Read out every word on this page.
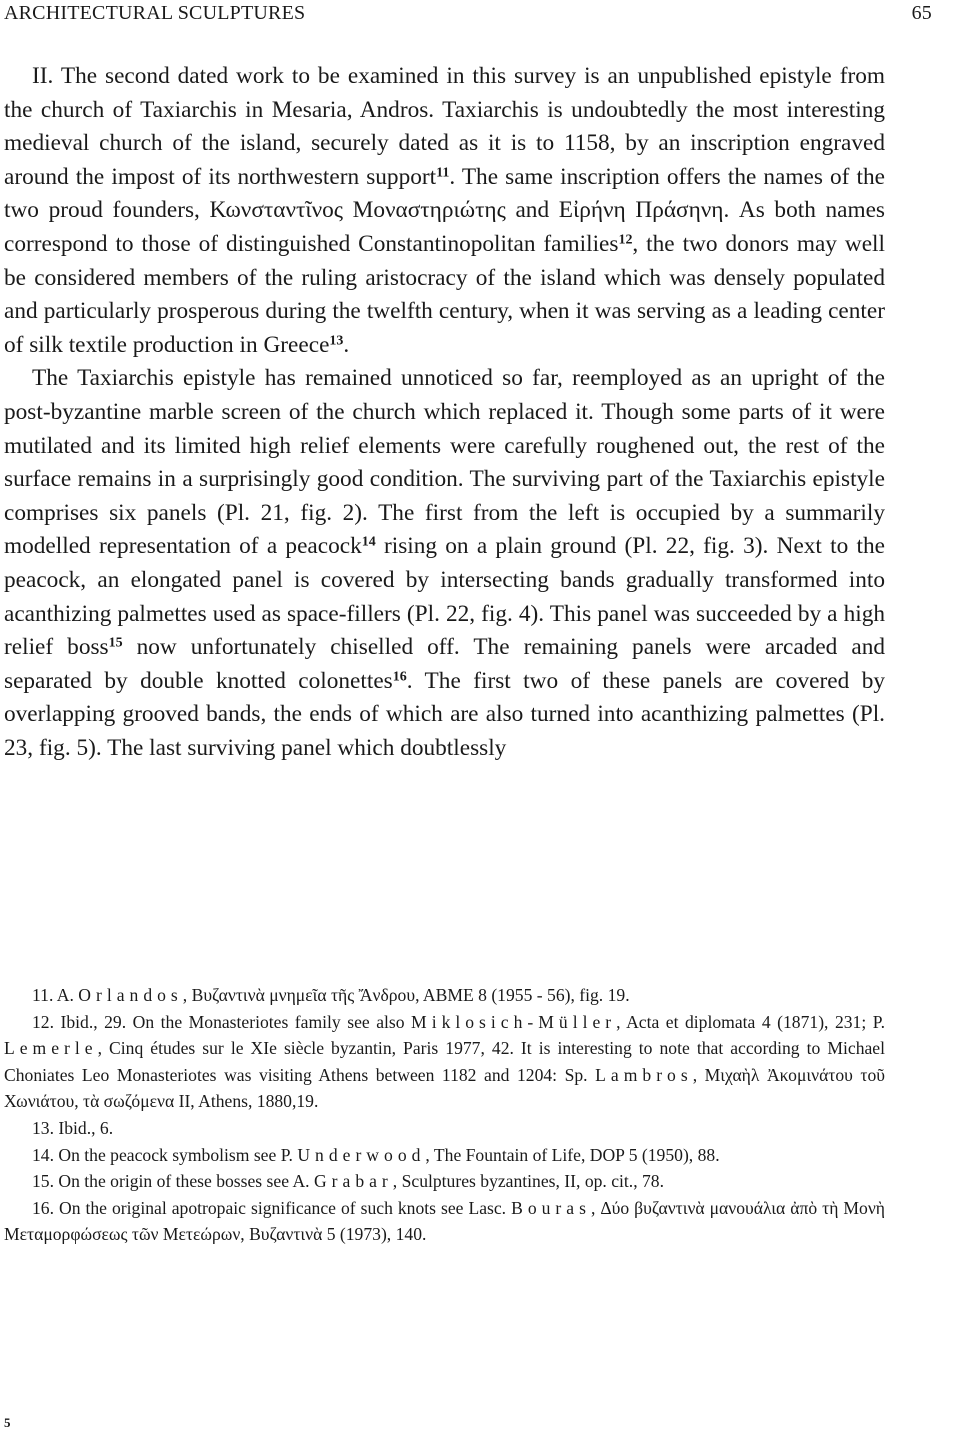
ARCHITECTURAL SCULPTURES	65

II. The second dated work to be examined in this survey is an unpublished epistyle from the church of Taxiarchis in Mesaria, Andros. Taxiarchis is undoubtedly the most interesting medieval church of the island, securely dated as it is to 1158, by an inscription engraved around the impost of its northwestern support$^{11}$. The same inscription offers the names of the two proud founders, Κωνσταντῖνος Μοναστηριώτης and Εἰρήνη Πράσηνη. As both names correspond to those of distinguished Constantinopolitan families$^{12}$, the two donors may well be considered members of the ruling aristocracy of the island which was densely populated and particularly prosperous during the twelfth century, when it was serving as a leading center of silk textile production in Greece$^{13}$.

The Taxiarchis epistyle has remained unnoticed so far, reemployed as an upright of the post-byzantine marble screen of the church which replaced it. Though some parts of it were mutilated and its limited high relief elements were carefully roughened out, the rest of the surface remains in a surprisingly good condition. The surviving part of the Taxiarchis epistyle comprises six panels (Pl. 21, fig. 2). The first from the left is occupied by a summarily modelled representation of a peacock$^{14}$ rising on a plain ground (Pl. 22, fig. 3). Next to the peacock, an elongated panel is covered by intersecting bands gradually transformed into acanthizing palmettes used as space-fillers (Pl. 22, fig. 4). This panel was succeeded by a high relief boss$^{15}$ now unfortunately chiselled off. The remaining panels were arcaded and separated by double knotted colonettes$^{16}$. The first two of these panels are covered by overlapping grooved bands, the ends of which are also turned into acanthizing palmettes (Pl. 23, fig. 5). The last surviving panel which doubtlessly

11. A. Orlandos, Βυζαντινὰ μνημεῖα τῆς Ἄνδρου, ΑΒΜΕ 8 (1955 - 56), fig. 19.

12. Ibid., 29. On the Monasteriotes family see also Miklosich-Müller, Acta et diplomata 4 (1871), 231; P. Lemerle, Cinq études sur le XIe siècle byzantin, Paris 1977, 42. It is interesting to note that according to Michael Choniates Leo Monasteriotes was visiting Athens between 1182 and 1204: Sp. Lambros, Μιχαὴλ Ἀκομινάτου τοῦ Χωνιάτου, τὰ σωζόμενα II, Athens, 1880,19.

13. Ibid., 6.

14. On the peacock symbolism see P. Underwood, The Fountain of Life, DOP 5 (1950), 88.

15. On the origin of these bosses see A. Grabar, Sculptures byzantines, II, op. cit., 78.

16. On the original apotropaic significance of such knots see Lasc. Bouras, Δύο βυζαντινὰ μανουάλια ἀπὸ τὴ Μονὴ Μεταμορφώσεως τῶν Μετεώρων, Βυζαντινὰ 5 (1973), 140.

5
